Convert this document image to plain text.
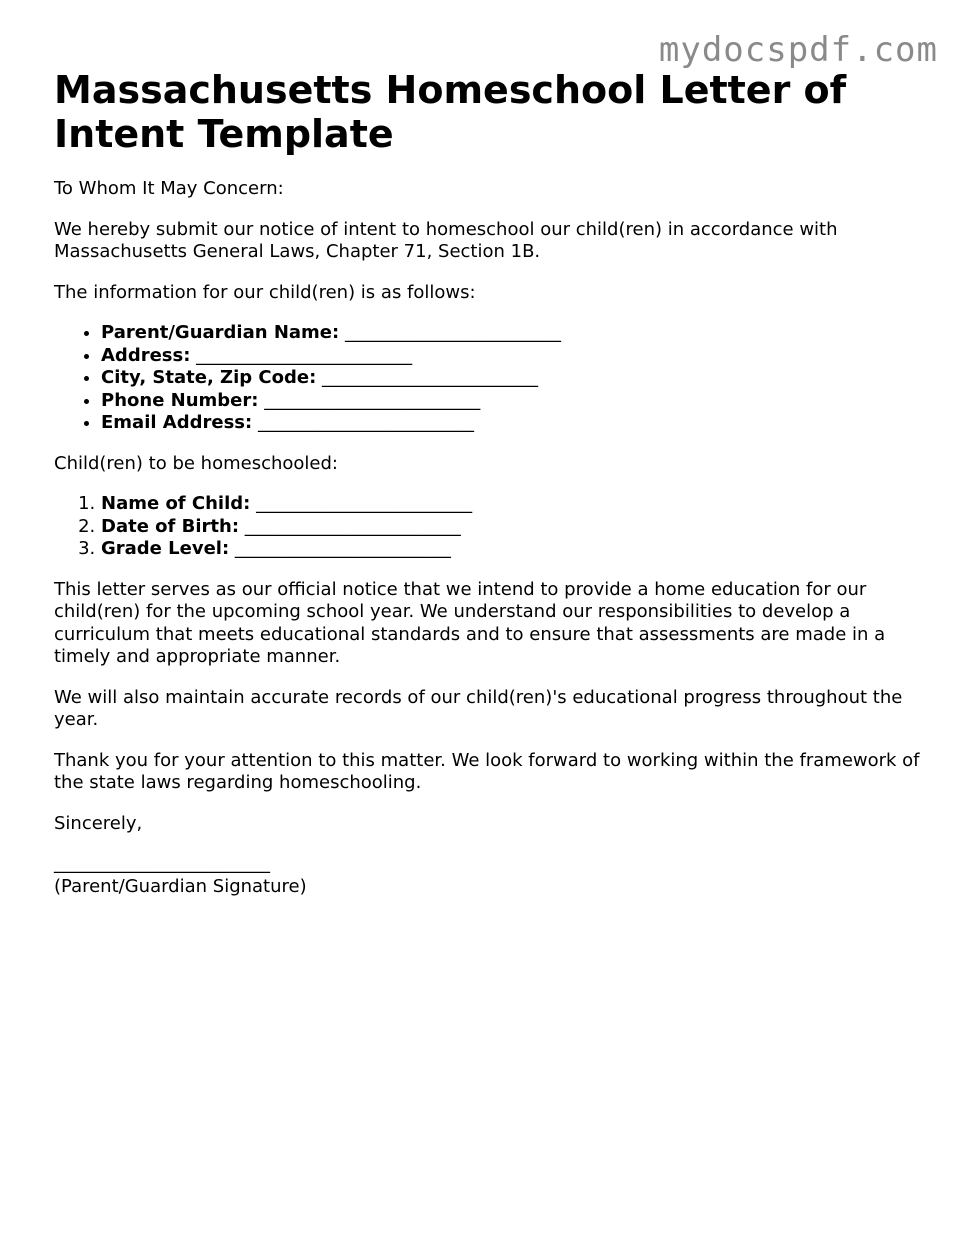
mydocspdf.com
Massachusetts Homeschool Letter of Intent Template

To Whom It May Concern:

We hereby submit our notice of intent to homeschool our child(ren) in accordance with Massachusetts General Laws, Chapter 71, Section 1B.

The information for our child(ren) is as follows:

• Parent/Guardian Name: ________________________
• Address: ________________________
• City, State, Zip Code: ________________________
• Phone Number: ________________________
• Email Address: ________________________

Child(ren) to be homeschooled:

1. Name of Child: ________________________
2. Date of Birth: ________________________
3. Grade Level: ________________________

This letter serves as our official notice that we intend to provide a home education for our child(ren) for the upcoming school year. We understand our responsibilities to develop a curriculum that meets educational standards and to ensure that assessments are made in a timely and appropriate manner.

We will also maintain accurate records of our child(ren)'s educational progress throughout the year.

Thank you for your attention to this matter. We look forward to working within the framework of the state laws regarding homeschooling.

Sincerely,

________________________
(Parent/Guardian Signature)
